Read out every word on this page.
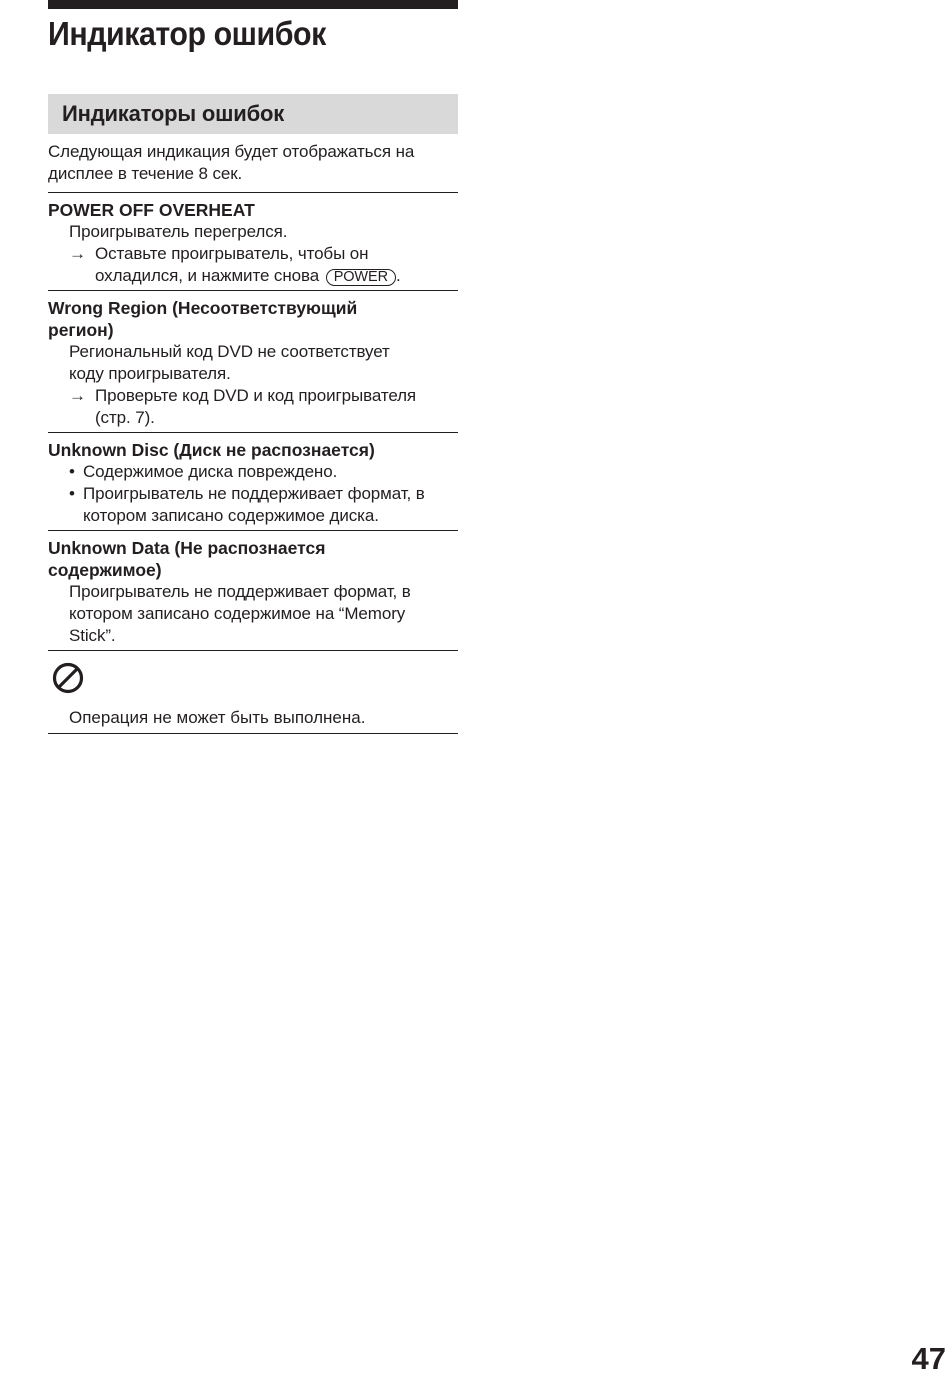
Индикатор ошибок
Индикаторы ошибок
Следующая индикация будет отображаться на
дисплее в течение 8 сек.
POWER OFF OVERHEAT
Проигрыватель перегрелся.
→ Оставьте проигрыватель, чтобы он
охладился, и нажмите снова POWER .
Wrong Region (Несоответствующий
регион)
Региональный код DVD не соответствует
коду проигрывателя.
→ Проверьте код DVD и код проигрывателя
(стр. 7).
Unknown Disc (Диск не распознается)
• Содержимое диска повреждено.
• Проигрыватель не поддерживает формат, в
котором записано содержимое диска.
Unknown Data (Не распознается
содержимое)
Проигрыватель не поддерживает формат, в
котором записано содержимое на “Memory
Stick”.
Операция не может быть выполнена.
47
